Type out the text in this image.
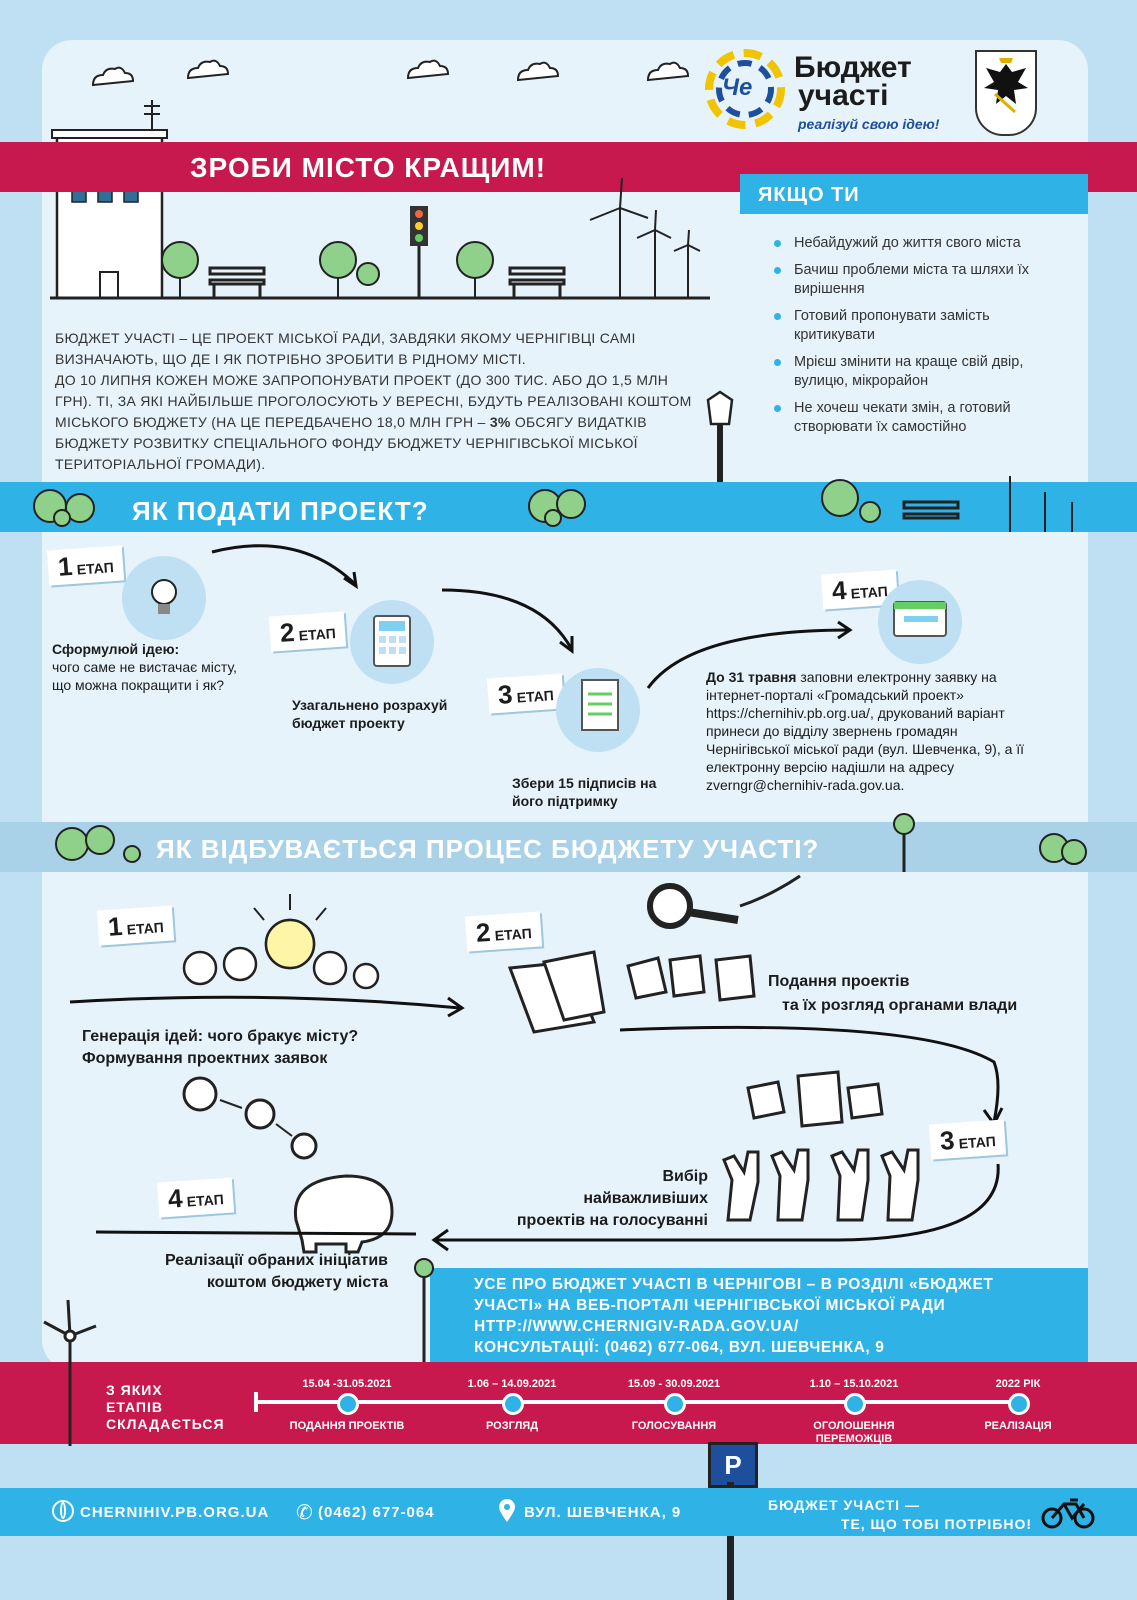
Че
Бюджет
участі
реалізуй свою ідею!
ЗРОБИ МІСТО КРАЩИМ!
ЯКЩО ТИ
Небайдужий до життя свого міста
Бачиш проблеми міста та шляхи їх вирішення
Готовий пропонувати замість критикувати
Мрієш змінити на краще свій двір, вулицю, мікрорайон
Не хочеш чекати змін, а готовий створювати їх самостійно
БЮДЖЕТ УЧАСТІ – ЦЕ ПРОЕКТ МІСЬКОЇ РАДИ, ЗАВДЯКИ ЯКОМУ ЧЕРНІГІВЦІ САМІ ВИЗНАЧАЮТЬ, ЩО ДЕ І ЯК ПОТРІБНО ЗРОБИТИ В РІДНОМУ МІСТІ.
ДО 10 ЛИПНЯ КОЖЕН МОЖЕ ЗАПРОПОНУВАТИ ПРОЕКТ (ДО 300 ТИС. АБО ДО 1,5 МЛН ГРН). ТІ, ЗА ЯКІ НАЙБІЛЬШЕ ПРОГОЛОСУЮТЬ У ВЕРЕСНІ, БУДУТЬ РЕАЛІЗОВАНІ КОШТОМ МІСЬКОГО БЮДЖЕТУ (НА ЦЕ ПЕРЕДБАЧЕНО 18,0 МЛН ГРН – 3% ОБСЯГУ ВИДАТКІВ БЮДЖЕТУ РОЗВИТКУ СПЕЦІАЛЬНОГО ФОНДУ БЮДЖЕТУ ЧЕРНІГІВСЬКОЇ МІСЬКОЇ ТЕРИТОРІАЛЬНОЇ ГРОМАДИ).
ЯК ПОДАТИ ПРОЕКТ?
1 ЕТАП
Сформулюй ідею:
чого саме не вистачає місту, що можна покращити і як?
2 ЕТАП
Узагальнено розрахуй бюджет проекту
3 ЕТАП
Збери 15 підписів на його підтримку
4 ЕТАП
До 31 травня заповни електронну заявку на інтернет-порталі «Громадський проект» https://chernihiv.pb.org.ua/, друкований варіант принеси до відділу звернень громадян Чернігівської міської ради (вул. Шевченка, 9), а її електронну версію надішли на адресу zverngr@chernihiv-rada.gov.ua.
ЯК ВІДБУВАЄТЬСЯ ПРОЦЕС БЮДЖЕТУ УЧАСТІ?
1 ЕТАП
Генерація ідей: чого бракує місту?
Формування проектних заявок
2 ЕТАП
Подання проектів
та їх розгляд органами влади
3 ЕТАП
Вибір
найважливіших
проектів на голосуванні
4 ЕТАП
Реалізації обраних ініціатив
коштом бюджету міста	УСЕ ПРО БЮДЖЕТ УЧАСТІ В ЧЕРНІГОВІ – В РОЗДІЛІ «БЮДЖЕТ
УЧАСТІ» НА ВЕБ-ПОРТАЛІ ЧЕРНІГІВСЬКОЇ МІСЬКОЇ РАДИ
HTTP://WWW.CHERNIGIV-RADA.GOV.UA/
КОНСУЛЬТАЦІЇ: (0462) 677-064, ВУЛ. ШЕВЧЕНКА, 9
З ЯКИХ
ЕТАПІВ
СКЛАДАЄТЬСЯ
15.04 -31.05.2021
ПОДАННЯ ПРОЕКТІВ
1.06 – 14.09.2021
РОЗГЛЯД
15.09 - 30.09.2021
ГОЛОСУВАННЯ
1.10 – 15.10.2021
ОГОЛОШЕННЯ
ПЕРЕМОЖЦІВ
2022 РІК
РЕАЛІЗАЦІЯ
P
CHERNIHIV.PB.ORG.UA ✆ (0462) 677-064	ВУЛ. ШЕВЧЕНКА, 9	БЮДЖЕТ УЧАСТІ —
ТЕ, ЩО ТОБІ ПОТРІБНО!
